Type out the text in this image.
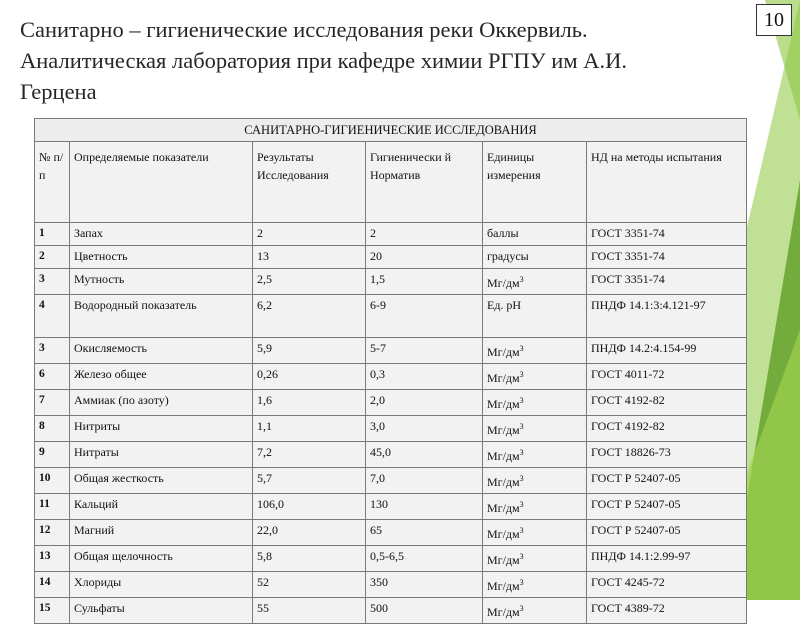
10
Санитарно – гигиенические исследования реки Оккервиль. Аналитическая лаборатория при кафедре химии РГПУ им А.И. Герцена
САНИТАРНО-ГИГИЕНИЧЕСКИЕ ИССЛЕДОВАНИЯ					
№ п/п	Определяемые показатели	Результаты Исследования	Гигиенически й Норматив	Единицы измерения	НД на методы испытания
1	Запах	2	2	баллы	ГОСТ 3351-74
2	Цветность	13	20	градусы	ГОСТ 3351-74
3	Мутность	2,5	1,5	$Мг/дм^3$	ГОСТ 3351-74
4	Водородный показатель	6,2	6-9	Ед. рН	ПНДФ 14.1:3:4.121-97
3	Окисляемость	5,9	5-7	$Мг/дм^3$	ПНДФ 14.2:4.154-99
6	Железо общее	0,26	0,3	$Мг/дм^3$	ГОСТ 4011-72
7	Аммиак (по азоту)	1,6	2,0	$Мг/дм^3$	ГОСТ 4192-82
8	Нитриты	1,1	3,0	$Мг/дм^3$	ГОСТ 4192-82
9	Нитраты	7,2	45,0	$Мг/дм^3$	ГОСТ 18826-73
10	Общая жесткость	5,7	7,0	$Мг/дм^3$	ГОСТ Р 52407-05
11	Кальций	106,0	130	$Мг/дм^3$	ГОСТ Р 52407-05
12	Магний	22,0	65	$Мг/дм^3$	ГОСТ Р 52407-05
13	Общая щелочность	5,8	0,5-6,5	$Мг/дм^3$	ПНДФ 14.1:2.99-97
14	Хлориды	52	350	$Мг/дм^3$	ГОСТ 4245-72
15	Сульфаты	55	500	$Мг/дм^3$	ГОСТ 4389-72
